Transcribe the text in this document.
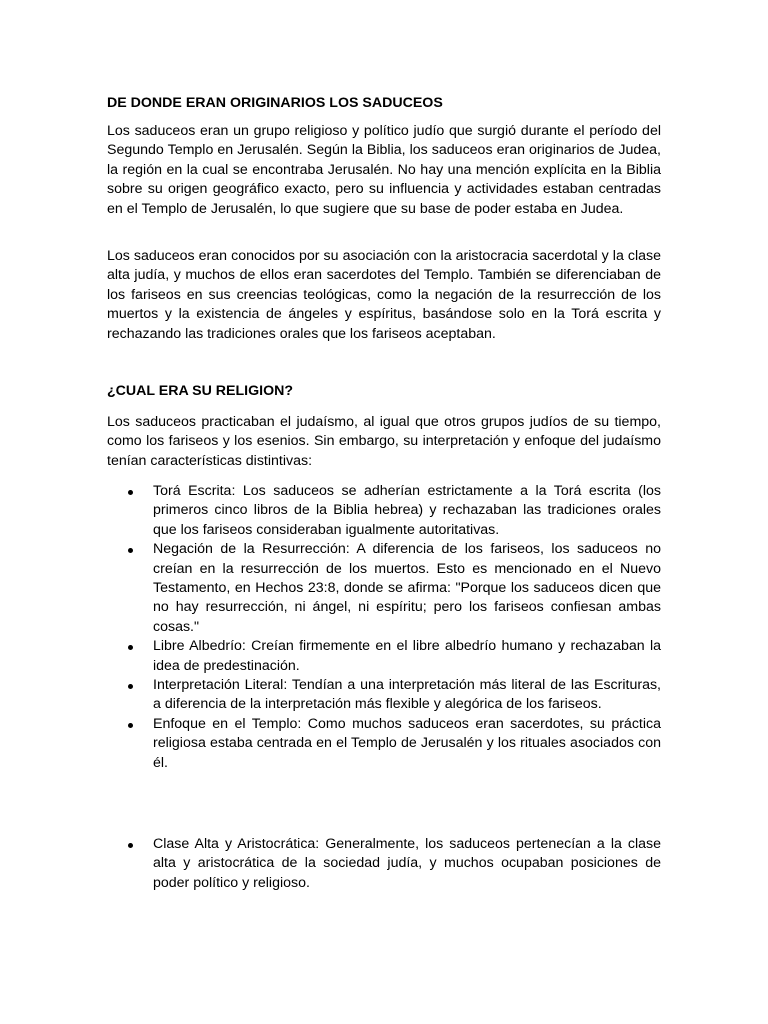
DE DONDE ERAN ORIGINARIOS LOS SADUCEOS

Los saduceos eran un grupo religioso y político judío que surgió durante el período del Segundo Templo en Jerusalén. Según la Biblia, los saduceos eran originarios de Judea, la región en la cual se encontraba Jerusalén. No hay una mención explícita en la Biblia sobre su origen geográfico exacto, pero su influencia y actividades estaban centradas en el Templo de Jerusalén, lo que sugiere que su base de poder estaba en Judea.

Los saduceos eran conocidos por su asociación con la aristocracia sacerdotal y la clase alta judía, y muchos de ellos eran sacerdotes del Templo. También se diferenciaban de los fariseos en sus creencias teológicas, como la negación de la resurrección de los muertos y la existencia de ángeles y espíritus, basándose solo en la Torá escrita y rechazando las tradiciones orales que los fariseos aceptaban.

¿CUAL ERA SU RELIGION?

Los saduceos practicaban el judaísmo, al igual que otros grupos judíos de su tiempo, como los fariseos y los esenios. Sin embargo, su interpretación y enfoque del judaísmo tenían características distintivas:

Torá Escrita: Los saduceos se adherían estrictamente a la Torá escrita (los primeros cinco libros de la Biblia hebrea) y rechazaban las tradiciones orales que los fariseos consideraban igualmente autoritativas.
Negación de la Resurrección: A diferencia de los fariseos, los saduceos no creían en la resurrección de los muertos. Esto es mencionado en el Nuevo Testamento, en Hechos 23:8, donde se afirma: "Porque los saduceos dicen que no hay resurrección, ni ángel, ni espíritu; pero los fariseos confiesan ambas cosas."
Libre Albedrío: Creían firmemente en el libre albedrío humano y rechazaban la idea de predestinación.
Interpretación Literal: Tendían a una interpretación más literal de las Escrituras, a diferencia de la interpretación más flexible y alegórica de los fariseos.
Enfoque en el Templo: Como muchos saduceos eran sacerdotes, su práctica religiosa estaba centrada en el Templo de Jerusalén y los rituales asociados con él.
Clase Alta y Aristocrática: Generalmente, los saduceos pertenecían a la clase alta y aristocrática de la sociedad judía, y muchos ocupaban posiciones de poder político y religioso.
